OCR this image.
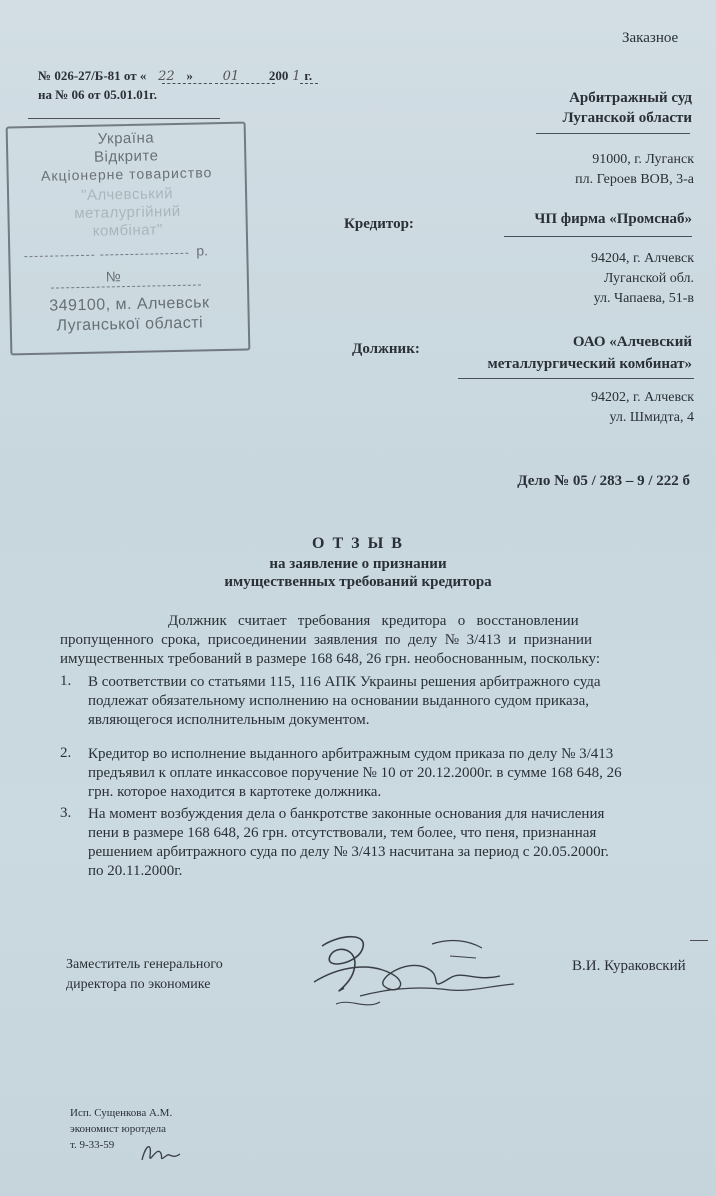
Заказное
№ 026-27/Б-81 от « 22 » 01 200 1 г.
на № 06 от 05.01.01г.
Україна
Відкрите
Акціонерне товариство
"Алчевський
металургійний
комбінат"
р.
№
349100, м. Алчевськ
Луганської області
Арбитражный суд
Луганской области
91000, г. Луганск
пл. Героев ВОВ, 3-а
Кредитор:	ЧП фирма «Промснаб»
94204, г. Алчевск
Луганской обл.
ул. Чапаева, 51-в
Должник:	ОАО «Алчевский
металлургический комбинат»
94202, г. Алчевск
ул. Шмидта, 4
Дело № 05 / 283 – 9 / 222 б
О Т З Ы В
на заявление о признании
имущественных требований кредитора
Должник   считает   требования   кредитора   о   восстановлении
пропущенного  срока,  присоединении  заявления  по  делу  №  3/413  и  признании
имущественных требований в размере 168 648, 26 грн. необоснованным, поскольку:
1. В соответствии со статьями 115, 116 АПК Украины решения арбитражного суда
подлежат обязательному исполнению на основании выданного судом приказа,
являющегося исполнительным документом.
2. Кредитор во исполнение выданного арбитражным судом приказа по делу № 3/413
предъявил к оплате инкассовое поручение № 10 от 20.12.2000г. в сумме 168 648, 26
грн. которое находится в картотеке должника.
3. На момент возбуждения дела о банкротстве законные основания для начисления
пени в размере 168 648, 26 грн. отсутствовали, тем более, что пеня, признанная
решением арбитражного суда по делу № 3/413 насчитана за период с 20.05.2000г.
по 20.11.2000г.
Заместитель генерального
директора по экономике
В.И. Кураковский
Исп. Сущенкова А.М.
экономист юротдела
т. 9-33-59
